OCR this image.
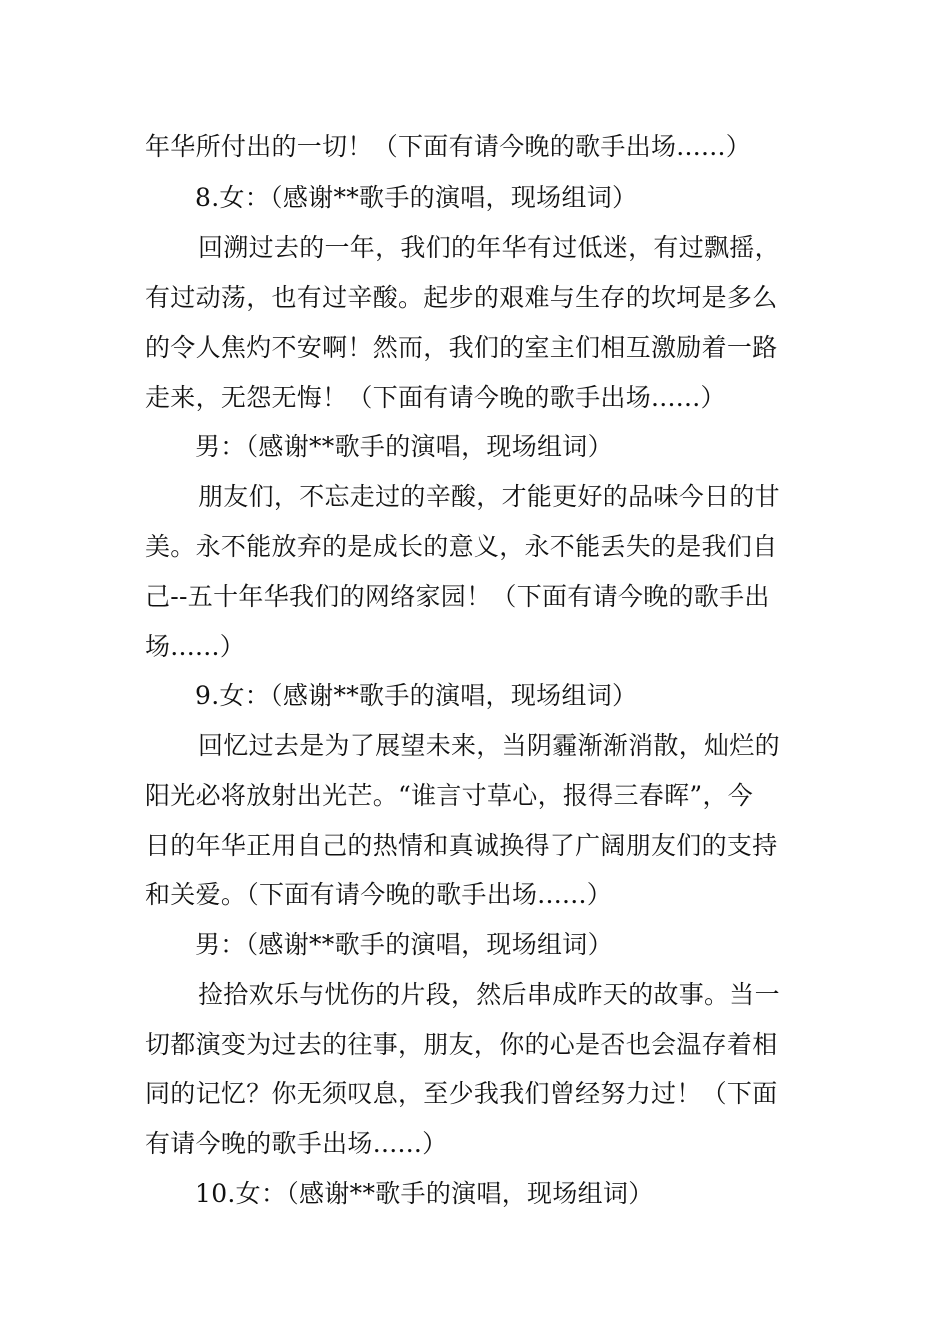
年华所付出的一切！（下面有请今晚的歌手出场......）
8.女：（感谢**歌手的演唱，现场组词）
回溯过去的一年，我们的年华有过低迷，有过飘摇，
有过动荡，也有过辛酸。起步的艰难与生存的坎坷是多么
的令人焦灼不安啊！然而，我们的室主们相互激励着一路
走来，无怨无悔！（下面有请今晚的歌手出场......）
男：（感谢**歌手的演唱，现场组词）
朋友们，不忘走过的辛酸，才能更好的品味今日的甘
美。永不能放弃的是成长的意义，永不能丢失的是我们自
己--五十年华我们的网络家园！（下面有请今晚的歌手出
场......）
9.女：（感谢**歌手的演唱，现场组词）
回忆过去是为了展望未来，当阴霾渐渐消散，灿烂的
阳光必将放射出光芒。“谁言寸草心，报得三春晖”，今
日的年华正用自己的热情和真诚换得了广阔朋友们的支持
和关爱。（下面有请今晚的歌手出场......）
男：（感谢**歌手的演唱，现场组词）
捡拾欢乐与忧伤的片段，然后串成昨天的故事。当一
切都演变为过去的往事，朋友，你的心是否也会温存着相
同的记忆？你无须叹息，至少我我们曾经努力过！（下面
有请今晚的歌手出场......）
10.女：（感谢**歌手的演唱，现场组词）
